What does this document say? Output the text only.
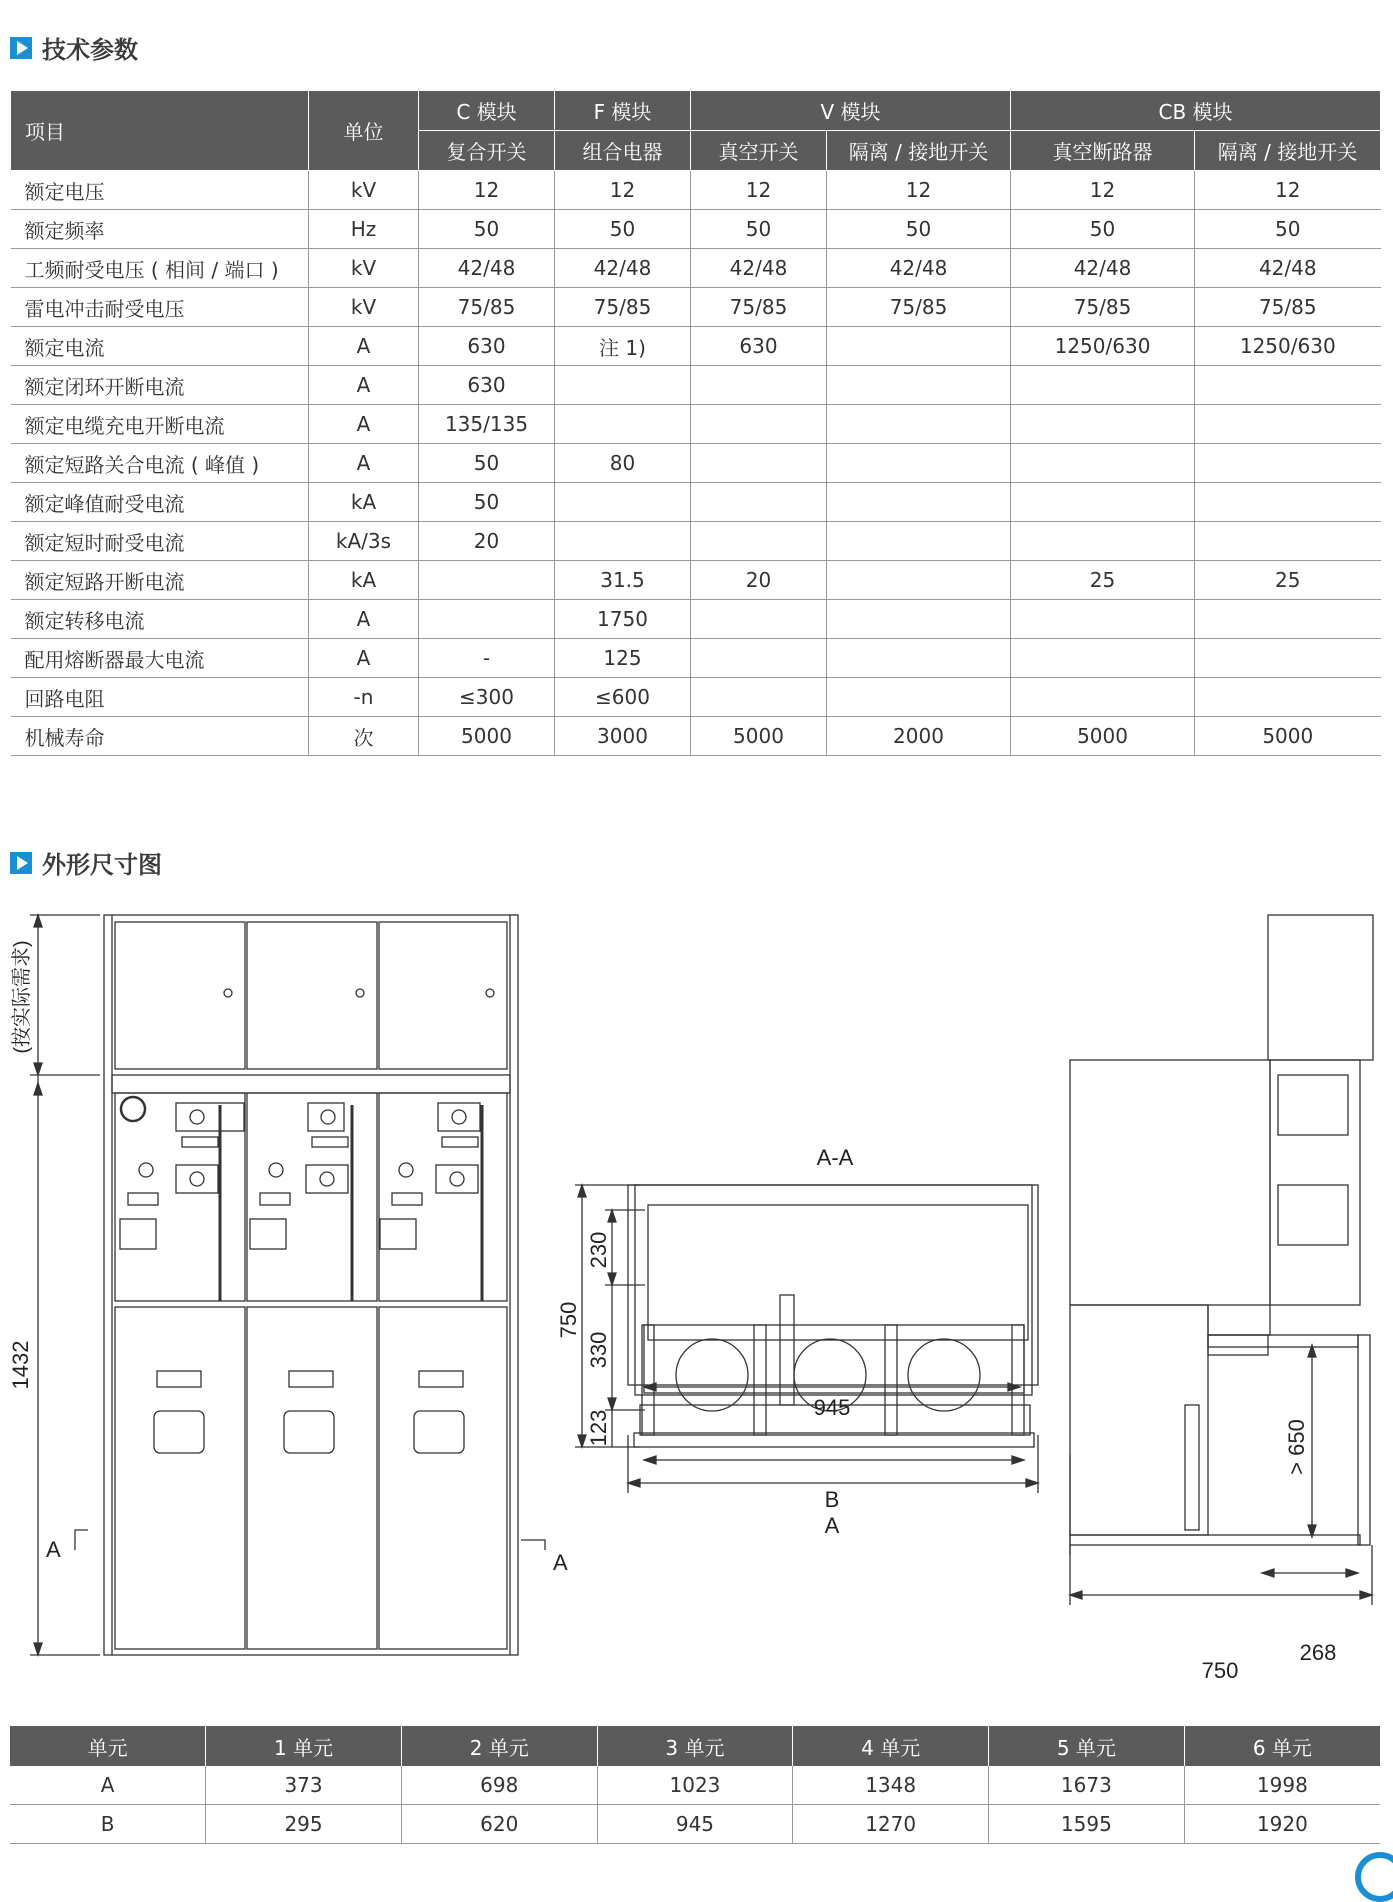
技术参数
项目	单位	C 模块	F 模块	V 模块		CB 模块	
		复合开关	组合电器	真空开关	隔离 / 接地开关	真空断路器	隔离 / 接地开关
额定电压	kV	12	12	12	12	12	12
额定频率	Hz	50	50	50	50	50	50
工频耐受电压 ( 相间 / 端口 )	kV	42/48	42/48	42/48	42/48	42/48	42/48
雷电冲击耐受电压	kV	75/85	75/85	75/85	75/85	75/85	75/85
额定电流	A	630	注 1)	630		1250/630	1250/630
额定闭环开断电流	A	630					
额定电缆充电开断电流	A	135/135					
额定短路关合电流 ( 峰值 )	A	50	80				
额定峰值耐受电流	kA	50					
额定短时耐受电流	kA/3s	20					
额定短路开断电流	kA		31.5	20		25	25
额定转移电流	A		1750				
配用熔断器最大电流	A	-	125				
回路电阻	-n	≤300	≤600				
机械寿命	次	5000	3000	5000	2000	5000	5000
外形尺寸图
(按实际需求)
1432
A
A
A-A
750
230
330
123
945
B
A
> 650
268
750
单元	1 单元	2 单元	3 单元	4 单元	5 单元	6 单元
A	373	698	1023	1348	1673	1998
B	295	620	945	1270	1595	1920
